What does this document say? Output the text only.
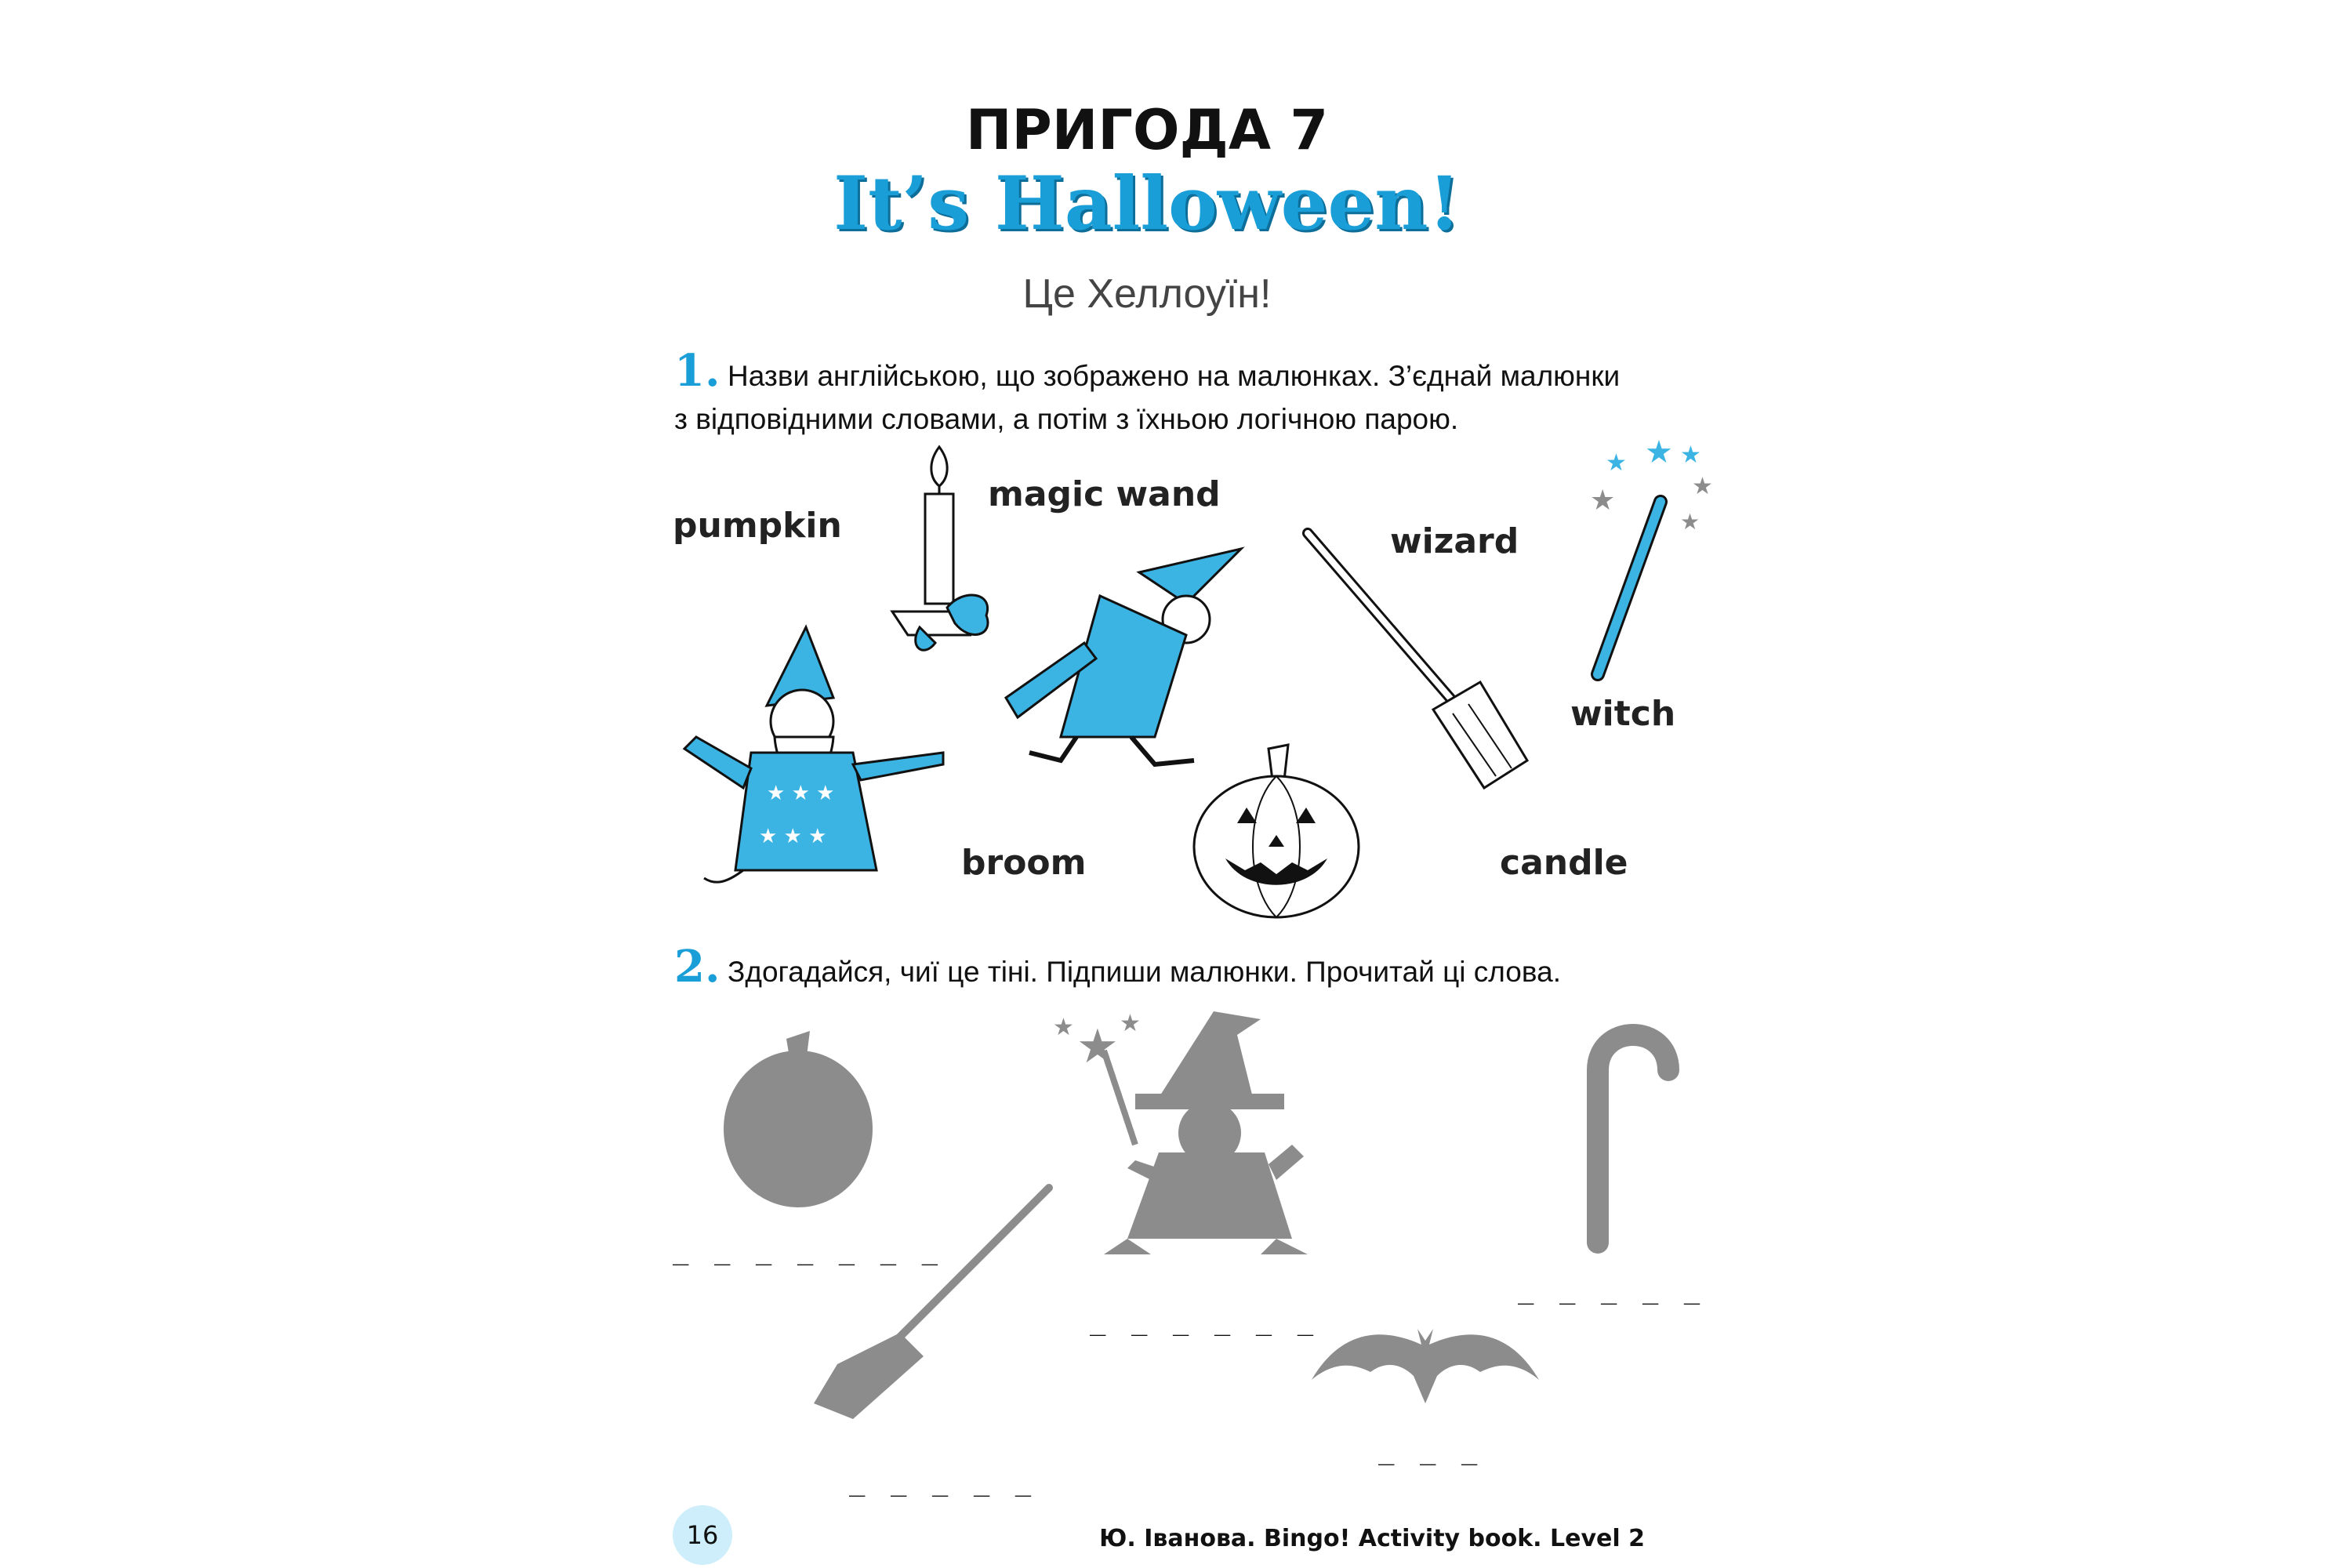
ПРИГОДА 7
It’s Halloween!
Це Хеллоуїн!
1. Назви англійською, що зображено на малюнках. З’єднай малюнки
з відповідними словами, а потім з їхньою логічною парою.
pumpkin
magic wand
wizard
witch
broom	candle
★ ★ ★
★ ★ ★
★ ★ ★
★	★
★
2. Здогадайся, чиї це тіні. Підпиши малюнки. Прочитай ці слова.
_ _ _ _ _ _ _
_ _ _ _ _
★
★ ★
_ _ _ _ _ _
_ _ _
_ _ _ _ _
16	Ю. Іванова. Bingo! Activity book. Level 2
